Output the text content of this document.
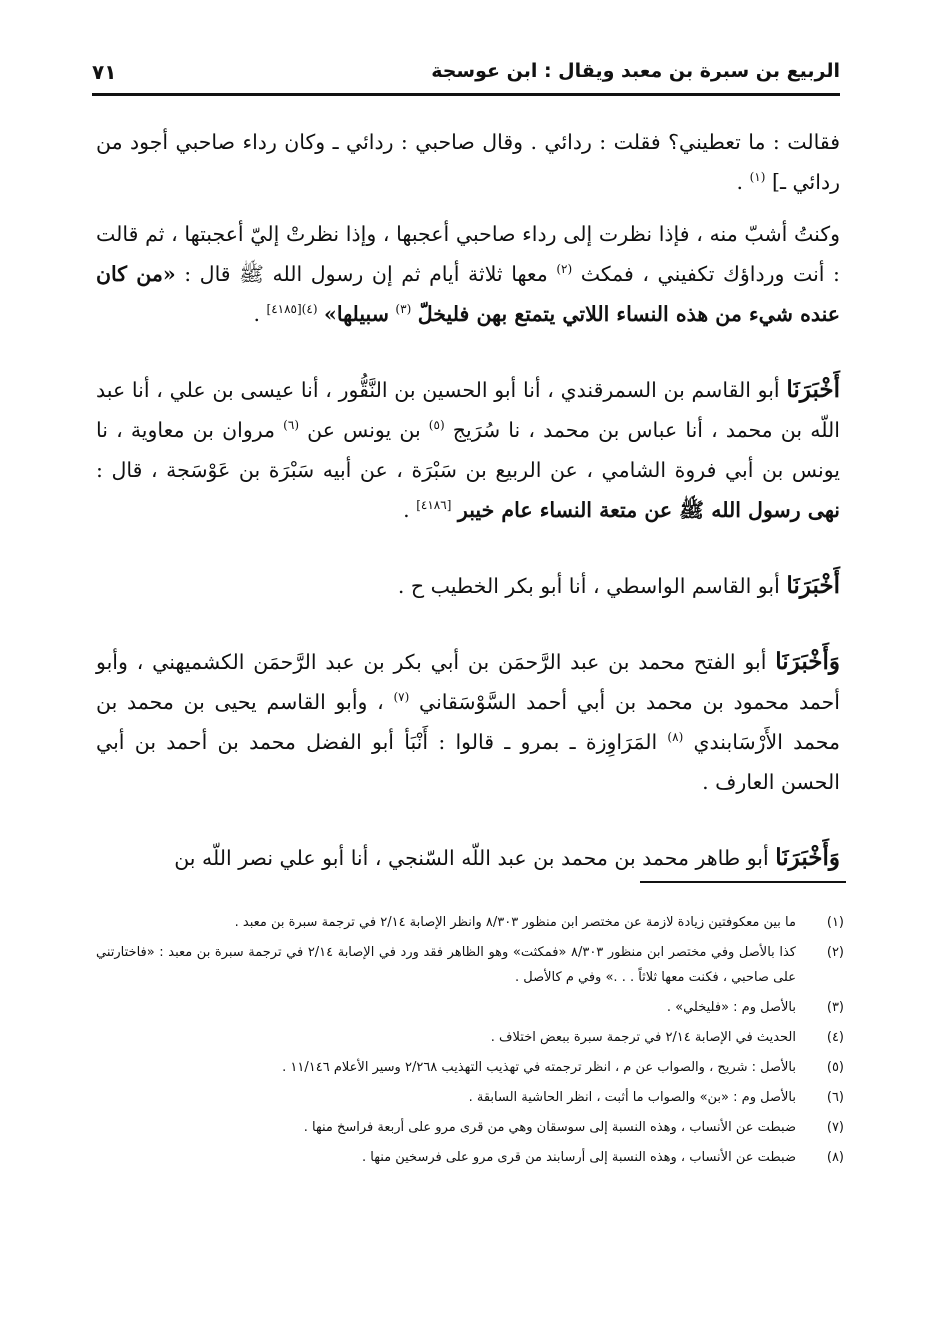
الربيع بن سبرة بن معبد ويقال : ابن عوسجة
٧١

فقالت : ما تعطيني؟ فقلت : ردائي . وقال صاحبي : ردائي ـ وكان رداء صاحبي أجود من ردائي ـ] $^{(١)}$ .

وكنتُ أشبّ منه ، فإذا نظرت إلى رداء صاحبي أعجبها ، وإذا نظرتْ إليّ أعجبتها ، ثم قالت : أنت ورداؤك تكفيني ، فمكث $^{(٢)}$ معها ثلاثة أيام ثم إن رسول الله ﷺ قال : «من كان عنده شيء من هذه النساء اللاتي يتمتع بهن فليخلّ $^{(٣)}$ سبيلها» $^{(٤)[٤١٨٥]}$ .

أَخْبَرَنَا أبو القاسم بن السمرقندي ، أنا أبو الحسين بن النَّقُّور ، أنا عيسى بن علي ، أنا عبد اللّه بن محمد ، أنا عباس بن محمد ، نا سُرَيج $^{(٥)}$ بن يونس عن $^{(٦)}$ مروان بن معاوية ، نا يونس بن أبي فروة الشامي ، عن الربيع بن سَبْرَة ، عن أبيه سَبْرَة بن عَوْسَجة ، قال : نهى رسول الله ﷺ عن متعة النساء عام خيبر [٤١٨٦] .

أَخْبَرَنَا أبو القاسم الواسطي ، أنا أبو بكر الخطيب ح .

وَأَخْبَرَنَا أبو الفتح محمد بن عبد الرَّحمَن بن أبي بكر بن عبد الرَّحمَن الكشميهني ، وأبو أحمد محمود بن محمد بن أبي أحمد السَّوْسَقاني $^{(٧)}$ ، وأبو القاسم يحيى بن محمد بن محمد الأَرْسَابندي $^{(٨)}$ المَرَاوِزة ـ بمرو ـ قالوا : أَنْبَأ أبو الفضل محمد بن أحمد بن أبي الحسن العارف .

وَأَخْبَرَنَا أبو طاهر محمد بن محمد بن عبد اللّه السّنجي ، أنا أبو علي نصر اللّه بن

(١)
ما بين معكوفتين زيادة لازمة عن مختصر ابن منظور ٨/٣٠٣ وانظر الإصابة ٢/١٤ في ترجمة سبرة بن معبد .

(٢)
كذا بالأصل وفي مختصر ابن منظور ٨/٣٠٣ «فمكثت» وهو الظاهر فقد ورد في الإصابة ٢/١٤ في ترجمة سبرة بن معبد : «فاختارتني على صاحبي ، فكنت معها ثلاثاً . . .» وفي م كالأصل .

(٣)
بالأصل وم : «فليخلي» .

(٤)
الحديث في الإصابة ٢/١٤ في ترجمة سبرة ببعض اختلاف .

(٥)
بالأصل : شريح ، والصواب عن م ، انظر ترجمته في تهذيب التهذيب ٢/٢٦٨ وسير الأعلام ١١/١٤٦ .

(٦)
بالأصل وم : «بن» والصواب ما أثبت ، انظر الحاشية السابقة .

(٧)
ضبطت عن الأنساب ، وهذه النسبة إلى سوسقان وهي من قرى مرو على أربعة فراسخ منها .

(٨)
ضبطت عن الأنساب ، وهذه النسبة إلى أرسابند من قرى مرو على فرسخين منها .
